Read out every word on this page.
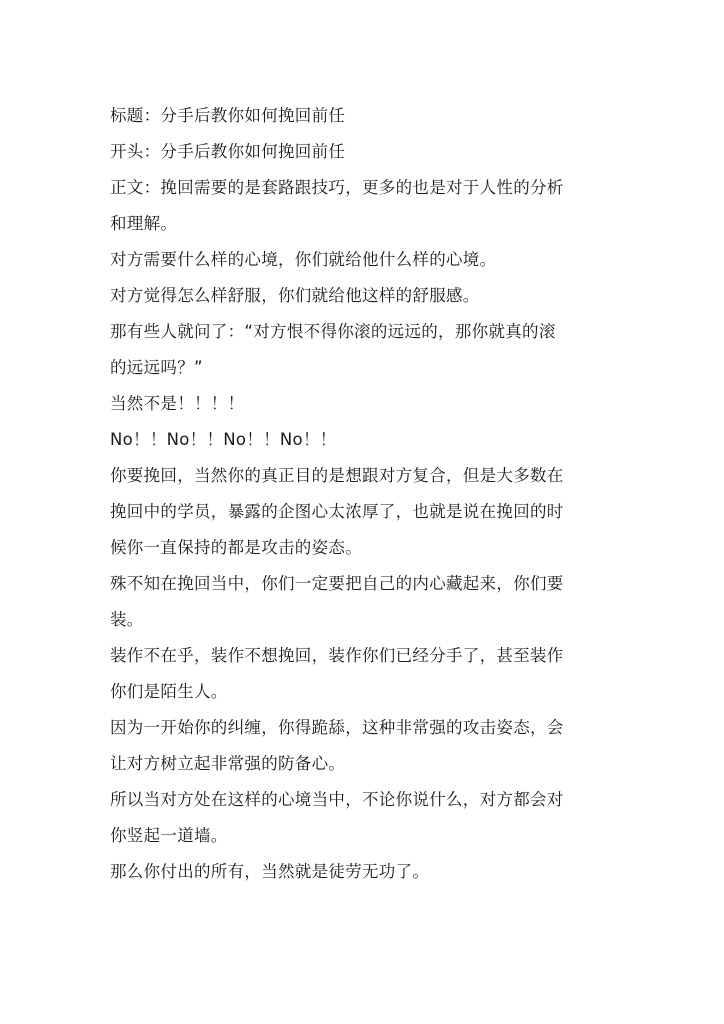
标题：分手后教你如何挽回前任

开头：分手后教你如何挽回前任

正文：挽回需要的是套路跟技巧，更多的也是对于人性的分析

和理解。

对方需要什么样的心境，你们就给他什么样的心境。

对方觉得怎么样舒服，你们就给他这样的舒服感。

那有些人就问了：“对方恨不得你滚的远远的，那你就真的滚

的远远吗？”

当然不是！！！！

No！！No！！No！！No！！

你要挽回，当然你的真正目的是想跟对方复合，但是大多数在

挽回中的学员，暴露的企图心太浓厚了，也就是说在挽回的时

候你一直保持的都是攻击的姿态。

殊不知在挽回当中，你们一定要把自己的内心藏起来，你们要

装。

装作不在乎，装作不想挽回，装作你们已经分手了，甚至装作

你们是陌生人。

因为一开始你的纠缠，你得跪舔，这种非常强的攻击姿态，会

让对方树立起非常强的防备心。

所以当对方处在这样的心境当中，不论你说什么，对方都会对

你竖起一道墙。

那么你付出的所有，当然就是徒劳无功了。
